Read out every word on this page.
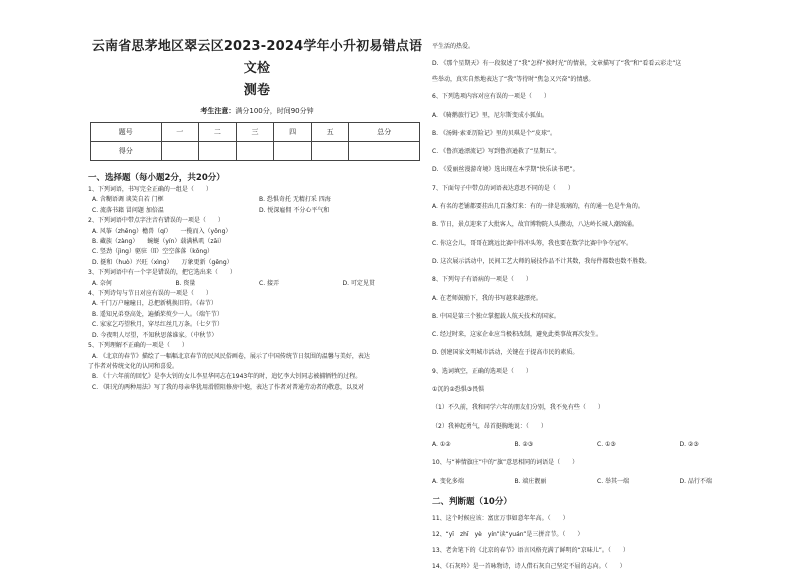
云南省思茅地区翠云区2023-2024学年小升初易错点语文检
测卷
考生注意：满分100分，时间90分钟
题号	一	二	三	四	五	总分
得分						
一、选择题（每小题2分，共20分）
1、下列词语，书写完全正确的一组是（　　）
A. 含糊语调 谈笑自若 门框	B. 恐惧奇托 无精打采 四海
C. 流落书籍 冒问题 加倍温	D. 悦深雇佣 不分心平气和
2、下列词语中带点字注音有错误的一项是（　　）
A. 风筝（zhēng）檐兽（qí）　　一揽而入（yōng）
B. 藏族（zàng）　　蜿蜒（yín）载满枞叽（zāi）
C. 竖劲（jìng）驱驻（lǐ）空空落落（kōng）
D. 挺和（huò）兴旺（xìng）　　万象更新（gēng）
3、下列词语中有一个字是错误的，把它选出来（　　）
A. 奈何	B. 资量	C. 接弄	D. 可定见贯
4、下列诗句与节日对应有误的一项是（　　）
A. 千门万户曈曈日，总把新桃换旧符。（春节）
B. 遥知兄弟登高处，遍插茱萸少一人。（端午节）
C. 家家乞巧望秋月，穿尽红丝几万条。（七夕节）
D. 今夜明人尽望，不知秋思落谁家。（中秋节）
5、下列理解不正确的一项是（　　）
A. 《北京的春节》描绘了一幅幅北京春节的民风民俗画卷，展示了中国传统节日氛围的温馨与美好，表达
了作者对传统文化的认同和喜爱。
B. 《十六年前的回忆》是李大钊的女儿李星华同志在1943年的时，追忆李大钊同志被捕牺牲的过程。
C. 《阳光的两种用法》写了我的母亲华犹用滑膛阻修房中炮，表达了作者对普通劳动者的敬意，以及对
平生活的热爱。
D. 《那个星期天》有一段叙述了“我”怎样“挨时光”的情景，文章描写了“我”和“看看云彩走”这
些举动，真实自然地表达了“我”等待时“焦急又兴奋”的情感。
6、下列选项内容对应有误的一项是（　　）
A. 《骑鹅旅行记》里，尼尔斯变成小狐仙。
B. 《汤姆·索亚历险记》里的贝琪是个“皮球”。
C. 《鲁滨逊漂流记》写到鲁滨逊救了“星期五”。
D. 《爱丽丝漫游奇境》选出现在本学期“快乐读书吧”。
7、下面句子中带点的词语表达意思不同的是（　　）
A. 有名的老铺都要挂出几百盏灯来：有的一律是玻璃的，有的通一色是牛角的。
B. 节日，景点迎来了大批客人，故宫博物院人头攒动，八达岭长城人潮汹涌。
C. 你这会儿，哥哥在跳远比赛中得冲头筹，我也要在数学比赛中争夺冠军。
D. 这次展示活动中，民间工艺大师的展技作品不计其数，我每件都数也数不胜数。
8、下列句子有语病的一项是（　　）
A. 在老师鼓励下，我的书写越来越漂亮。
B. 中国是第三个独立掌握载人航天技术的国家。
C. 经过时来，这家企业应当极积改制，避免此类事故再次发生。
D. 创建国家文明城市活动，关键在于提高市民的素质。
9、选词填空，正确的选项是（　　）
①沉的②恐惧③畏惧
（1）不久前，我和同学六年的朋友们分别，我不免有些（　　）
（2）我神起勇气，昂首挺胸地说：（　　）
A. ①②	B. ②③	C. ①③	D. ②③
10、与“神情旗庄”中的“旗”意思相同的词语是（　　）
A. 变化多端	B. 端庄靓丽	C. 举其一端	D. 品行不端
二、判断题（10分）
11、这个时候应该：富庶万事如意年年高。（　　）
12、“yī　zhī　yè　yín”读“yuán”是三拼音节。（　　）
13、老舍笔下的《北京的春节》语言风格充满了鲜明的“京味儿”。（　　）
14、《石灰吟》是一首咏物诗，诗人借石灰自己坚定不屈的志向。（　　）
